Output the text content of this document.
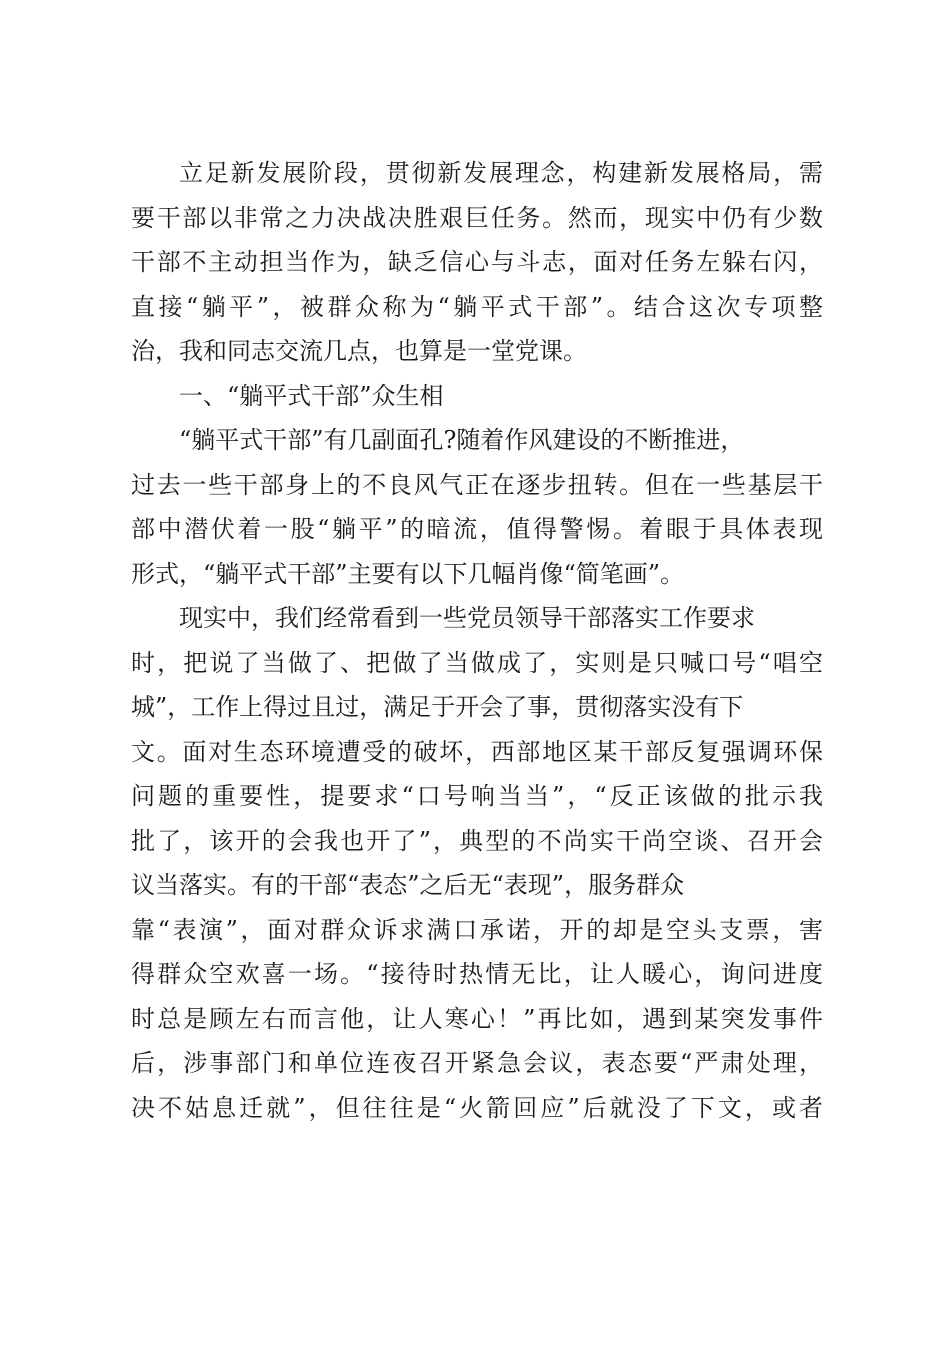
立足新发展阶段，贯彻新发展理念，构建新发展格局，需
要干部以非常之力决战决胜艰巨任务。然而，现实中仍有少数
干部不主动担当作为，缺乏信心与斗志，面对任务左躲右闪，
直接“躺平”，被群众称为“躺平式干部”。结合这次专项整
治，我和同志交流几点，也算是一堂党课。
一、“躺平式干部”众生相
“躺平式干部”有几副面孔?随着作风建设的不断推进，
过去一些干部身上的不良风气正在逐步扭转。但在一些基层干
部中潜伏着一股“躺平”的暗流，值得警惕。着眼于具体表现
形式，“躺平式干部”主要有以下几幅肖像“简笔画”。
现实中，我们经常看到一些党员领导干部落实工作要求
时，把说了当做了、把做了当做成了，实则是只喊口号“唱空
城”，工作上得过且过，满足于开会了事，贯彻落实没有下
文。面对生态环境遭受的破坏，西部地区某干部反复强调环保
问题的重要性，提要求“口号响当当”，“反正该做的批示我
批了，该开的会我也开了”，典型的不尚实干尚空谈、召开会
议当落实。有的干部“表态”之后无“表现”，服务群众
靠“表演”，面对群众诉求满口承诺，开的却是空头支票，害
得群众空欢喜一场。“接待时热情无比，让人暖心，询问进度
时总是顾左右而言他，让人寒心！”再比如，遇到某突发事件
后，涉事部门和单位连夜召开紧急会议，表态要“严肃处理，
决不姑息迁就”，但往往是“火箭回应”后就没了下文，或者
